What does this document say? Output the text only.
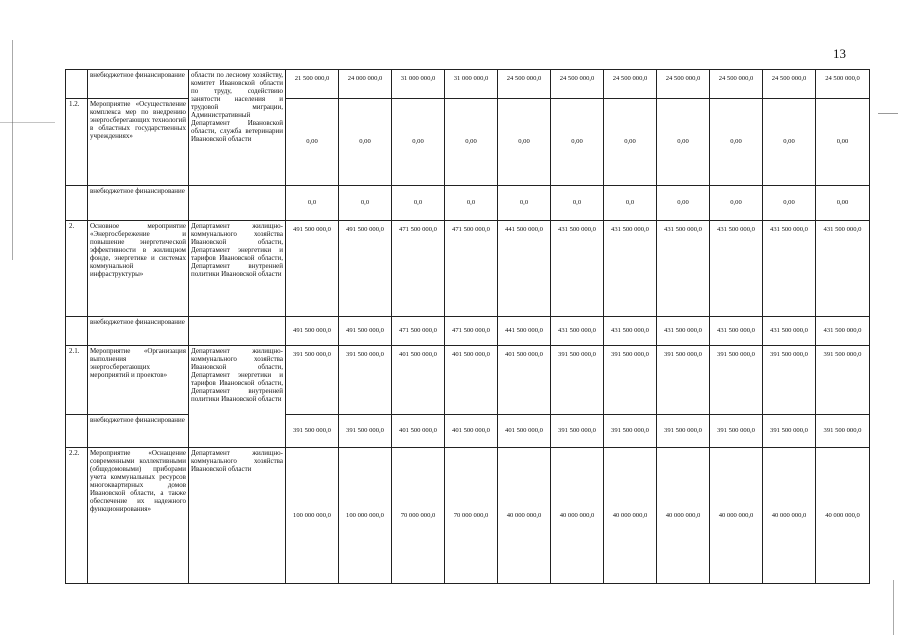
13
	внебюджетное финансирование	области по лесному хозяйству, комитет Ивановской области по труду, содействию занятости населения и трудовой миграции, Административный Департамент Ивановской области, служба ветеринарии Ивановской области	21 500 000,0	24 000 000,0	31 000 000,0	31 000 000,0	24 500 000,0	24 500 000,0	24 500 000,0	24 500 000,0	24 500 000,0	24 500 000,0	24 500 000,0
1.2.	Мероприятие «Осуществление комплекса мер по внедрению энергосберегающих технологий в областных государственных учреждениях»		0,00	0,00	0,00	0,00	0,00	0,00	0,00	0,00	0,00	0,00	0,00
	внебюджетное финансирование		0,0	0,0	0,0	0,0	0,0	0,0	0,0	0,00	0,00	0,00	0,00
2.	Основное мероприятие «Энергосбережение и повышение энергетической эффективности в жилищном фонде, энергетике и системах коммунальной инфраструктуры»	Департамент жилищно-коммунального хозяйства Ивановской области, Департамент энергетики и тарифов Ивановской области, Департамент внутренней политики Ивановской области	491 500 000,0	491 500 000,0	471 500 000,0	471 500 000,0	441 500 000,0	431 500 000,0	431 500 000,0	431 500 000,0	431 500 000,0	431 500 000,0	431 500 000,0
	внебюджетное финансирование		491 500 000,0	491 500 000,0	471 500 000,0	471 500 000,0	441 500 000,0	431 500 000,0	431 500 000,0	431 500 000,0	431 500 000,0	431 500 000,0	431 500 000,0
2.1.	Мероприятие «Организация выполнения энергосберегающих мероприятий и проектов»	Департамент жилищно-коммунального хозяйства Ивановской области, Департамент энергетики и тарифов Ивановской области, Департамент внутренней политики Ивановской области	391 500 000,0	391 500 000,0	401 500 000,0	401 500 000,0	401 500 000,0	391 500 000,0	391 500 000,0	391 500 000,0	391 500 000,0	391 500 000,0	391 500 000,0
	внебюджетное финансирование		391 500 000,0	391 500 000,0	401 500 000,0	401 500 000,0	401 500 000,0	391 500 000,0	391 500 000,0	391 500 000,0	391 500 000,0	391 500 000,0	391 500 000,0
2.2.	Мероприятие «Оснащение современными коллективными (общедомовыми) приборами учета коммунальных ресурсов многоквартирных домов Ивановской области, а также обеспечение их надежного функционирования»	Департамент жилищно-коммунального хозяйства Ивановской области	100 000 000,0	100 000 000,0	70 000 000,0	70 000 000,0	40 000 000,0	40 000 000,0	40 000 000,0	40 000 000,0	40 000 000,0	40 000 000,0	40 000 000,0
